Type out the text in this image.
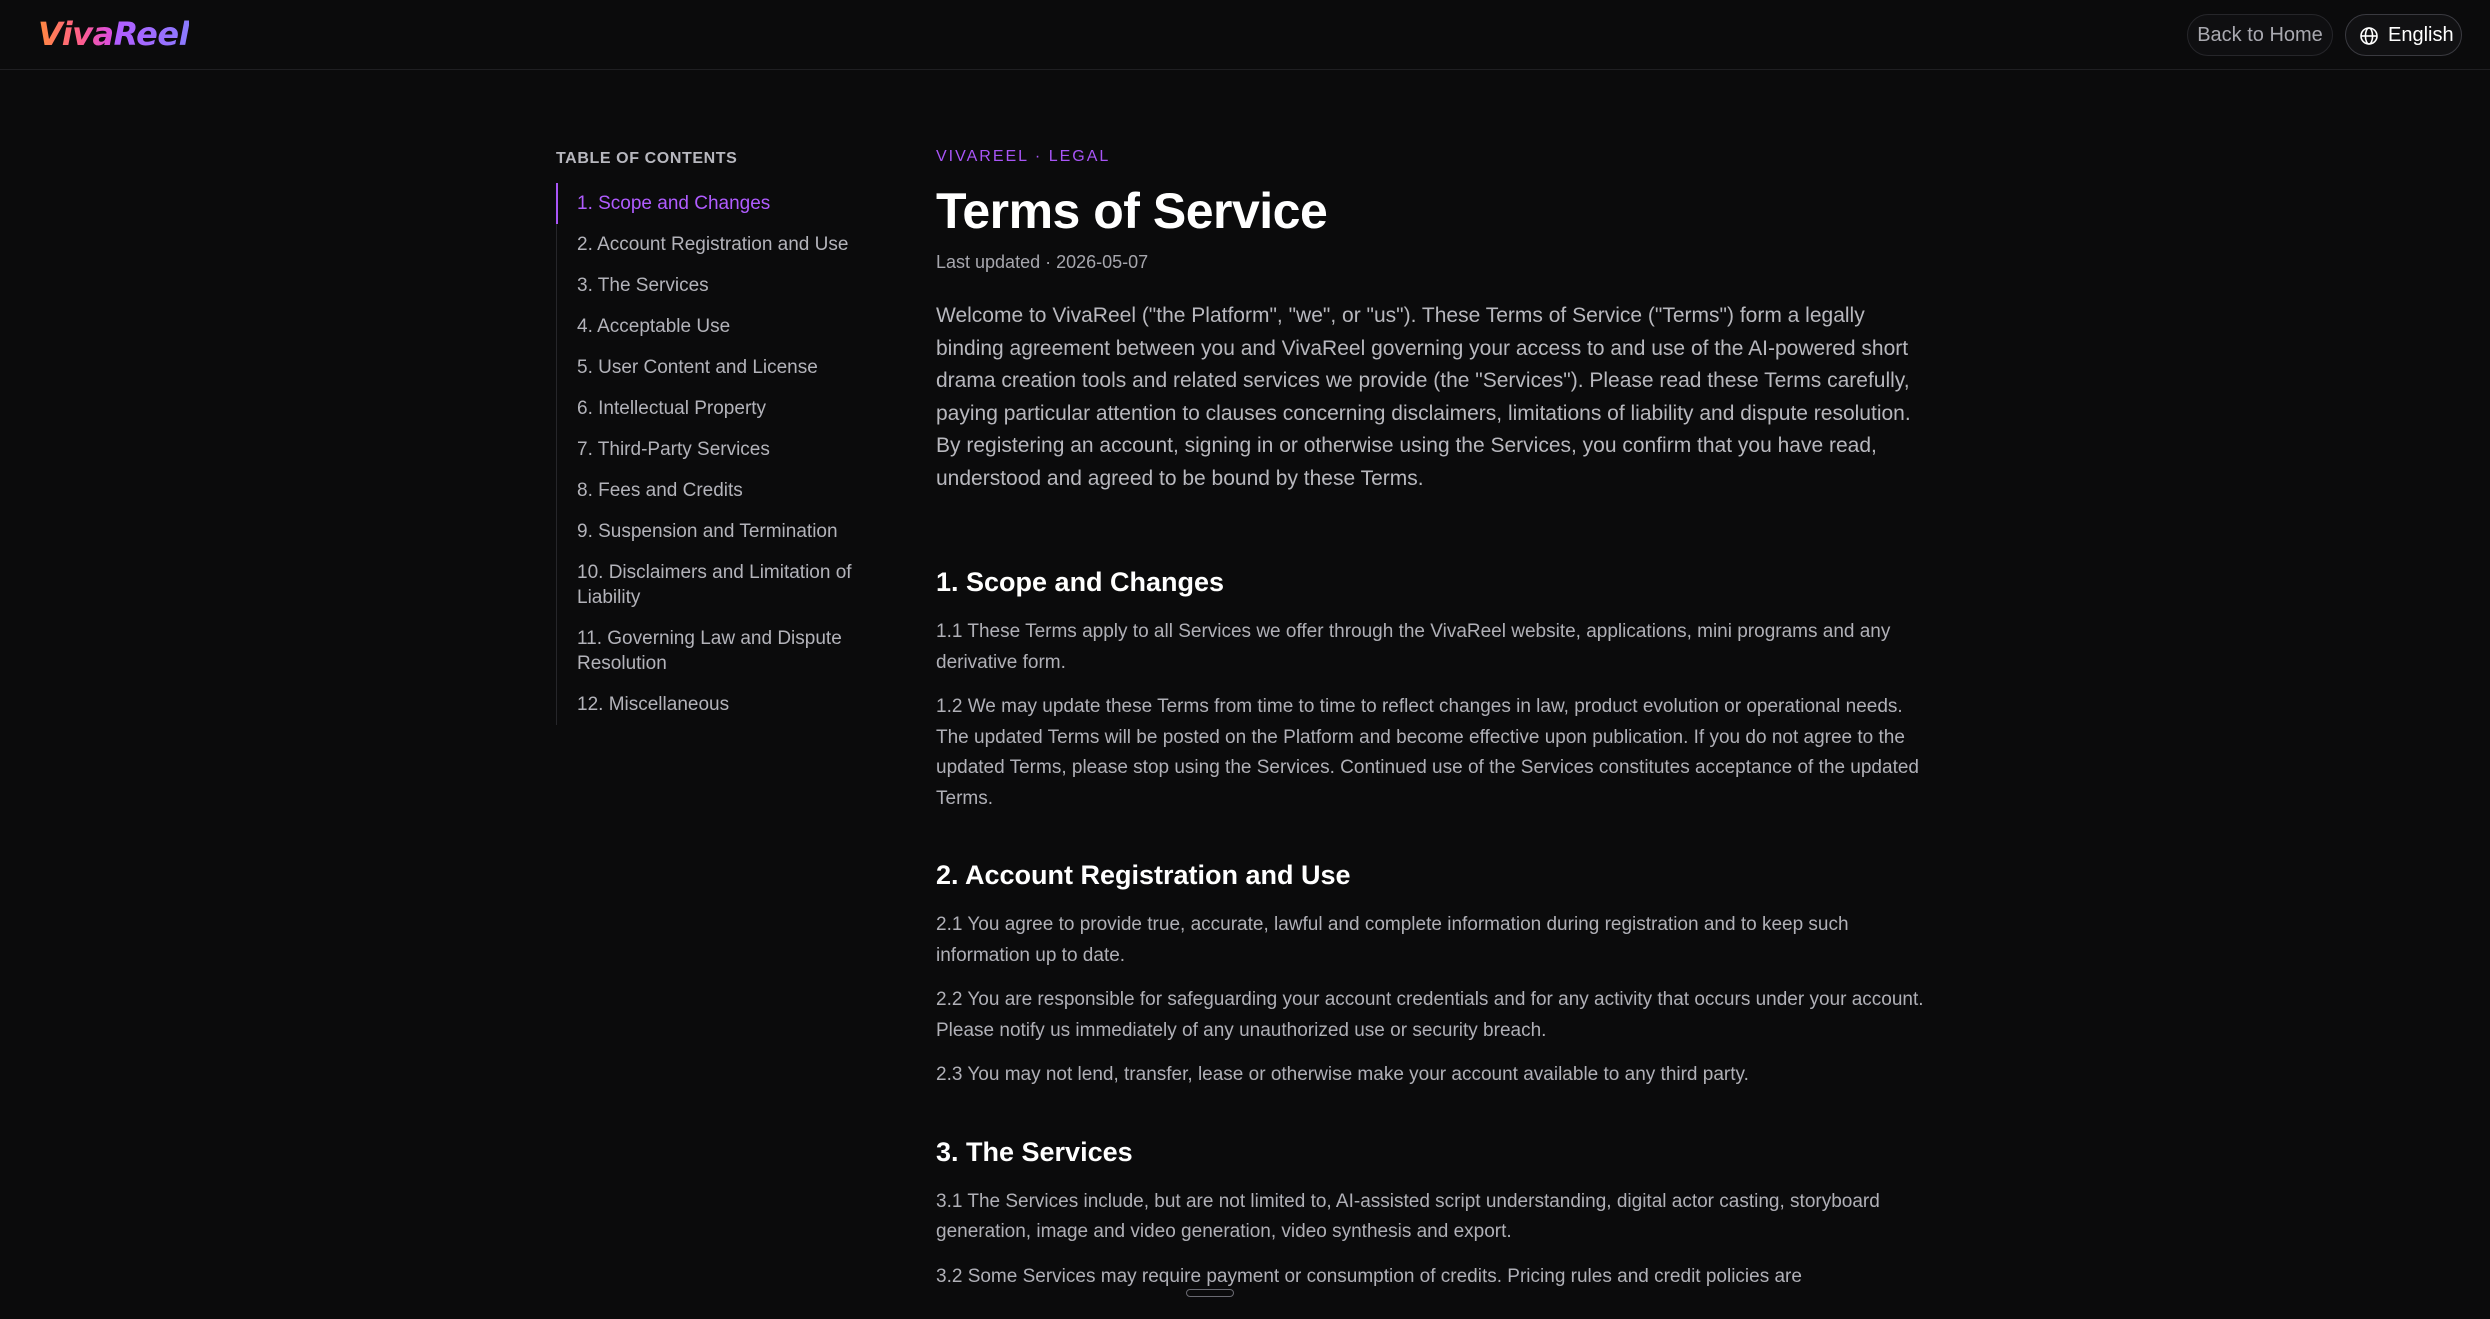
VivaReel	Back to Home	English
TABLE OF CONTENTS
1. Scope and Changes
2. Account Registration and Use
3. The Services
4. Acceptable Use
5. User Content and License
6. Intellectual Property
7. Third-Party Services
8. Fees and Credits
9. Suspension and Termination
10. Disclaimers and Limitation of Liability
11. Governing Law and Dispute Resolution
12. Miscellaneous

VIVAREEL · LEGAL

Terms of Service

Last updated · 2026-05-07

Welcome to VivaReel ("the Platform", "we", or "us"). These Terms of Service ("Terms") form a legally binding agreement between you and VivaReel governing your access to and use of the AI-powered short drama creation tools and related services we provide (the "Services"). Please read these Terms carefully, paying particular attention to clauses concerning disclaimers, limitations of liability and dispute resolution. By registering an account, signing in or otherwise using the Services, you confirm that you have read, understood and agreed to be bound by these Terms.

1. Scope and Changes

1.1 These Terms apply to all Services we offer through the VivaReel website, applications, mini programs and any derivative form.

1.2 We may update these Terms from time to time to reflect changes in law, product evolution or operational needs. The updated Terms will be posted on the Platform and become effective upon publication. If you do not agree to the updated Terms, please stop using the Services. Continued use of the Services constitutes acceptance of the updated Terms.

2. Account Registration and Use

2.1 You agree to provide true, accurate, lawful and complete information during registration and to keep such information up to date.

2.2 You are responsible for safeguarding your account credentials and for any activity that occurs under your account. Please notify us immediately of any unauthorized use or security breach.

2.3 You may not lend, transfer, lease or otherwise make your account available to any third party.

3. The Services

3.1 The Services include, but are not limited to, AI-assisted script understanding, digital actor casting, storyboard generation, image and video generation, video synthesis and export.

3.2 Some Services may require payment or consumption of credits. Pricing rules and credit policies are
